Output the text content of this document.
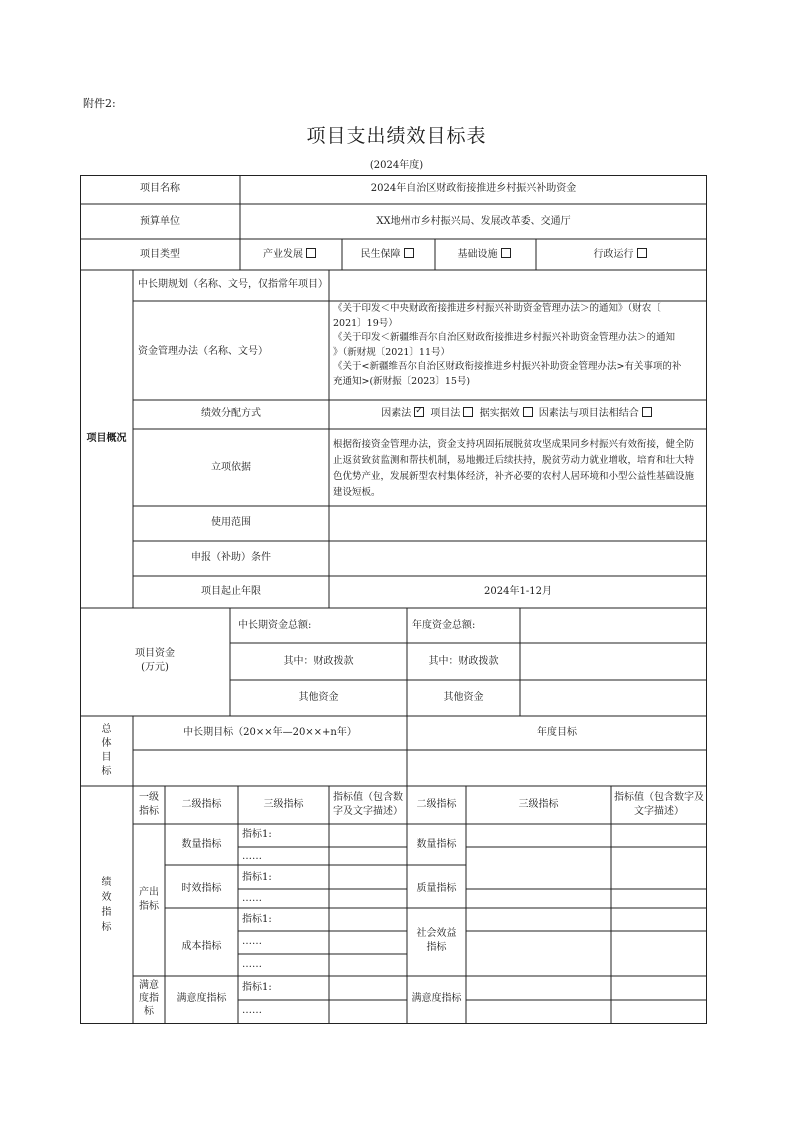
附件2:
项目支出绩效目标表
(2024年度)
项目名称	2024年自治区财政衔接推进乡村振兴补助资金
预算单位	XX地州市乡村振兴局、发展改革委、交通厅
项目类型	产业发展	民生保障	基础设施	行政运行
项目概况
中长期规划（名称、文号，仅指常年项目）
资金管理办法（名称、文号）
《关于印发＜中央财政衔接推进乡村振兴补助资金管理办法＞的通知》（财农〔
2021〕19号）
《关于印发＜新疆维吾尔自治区财政衔接推进乡村振兴补助资金管理办法＞的通知
》（新财规〔2021〕11号）
《关于<新疆维吾尔自治区财政衔接推进乡村振兴补助资金管理办法>有关事项的补
充通知>(新财振〔2023〕15号)
绩效分配方式	因素法✓ 项目法 据实据效 因素法与项目法相结合
立项依据
根据衔接资金管理办法，资金支持巩固拓展脱贫攻坚成果同乡村振兴有效衔接，健全防止返贫致贫监测和帮扶机制，易地搬迁后续扶持，脱贫劳动力就业增收，培育和壮大特色优势产业，发展新型农村集体经济，补齐必要的农村人居环境和小型公益性基础设施建设短板。
使用范围
申报（补助）条件
项目起止年限	2024年1-12月
项目资金
(万元)
中长期资金总额:	年度资金总额:
其中：财政拨款	其中：财政拨款
其他资金	其他资金
总
体
目
标
中长期目标（20××年—20××+n年）	年度目标
绩
效
指
标
一级
指标
二级指标	三级指标
指标值（包含数
字及文字描述）
二级指标	三级指标
指标值（包含数字及
文字描述）
产出
指标
满意
度指
标
数量指标
时效指标
成本指标
满意度指标
数量指标
质量指标
社会效益
指标
满意度指标
指标1:
……
指标1:
……
指标1:
……
……
指标1:
……
